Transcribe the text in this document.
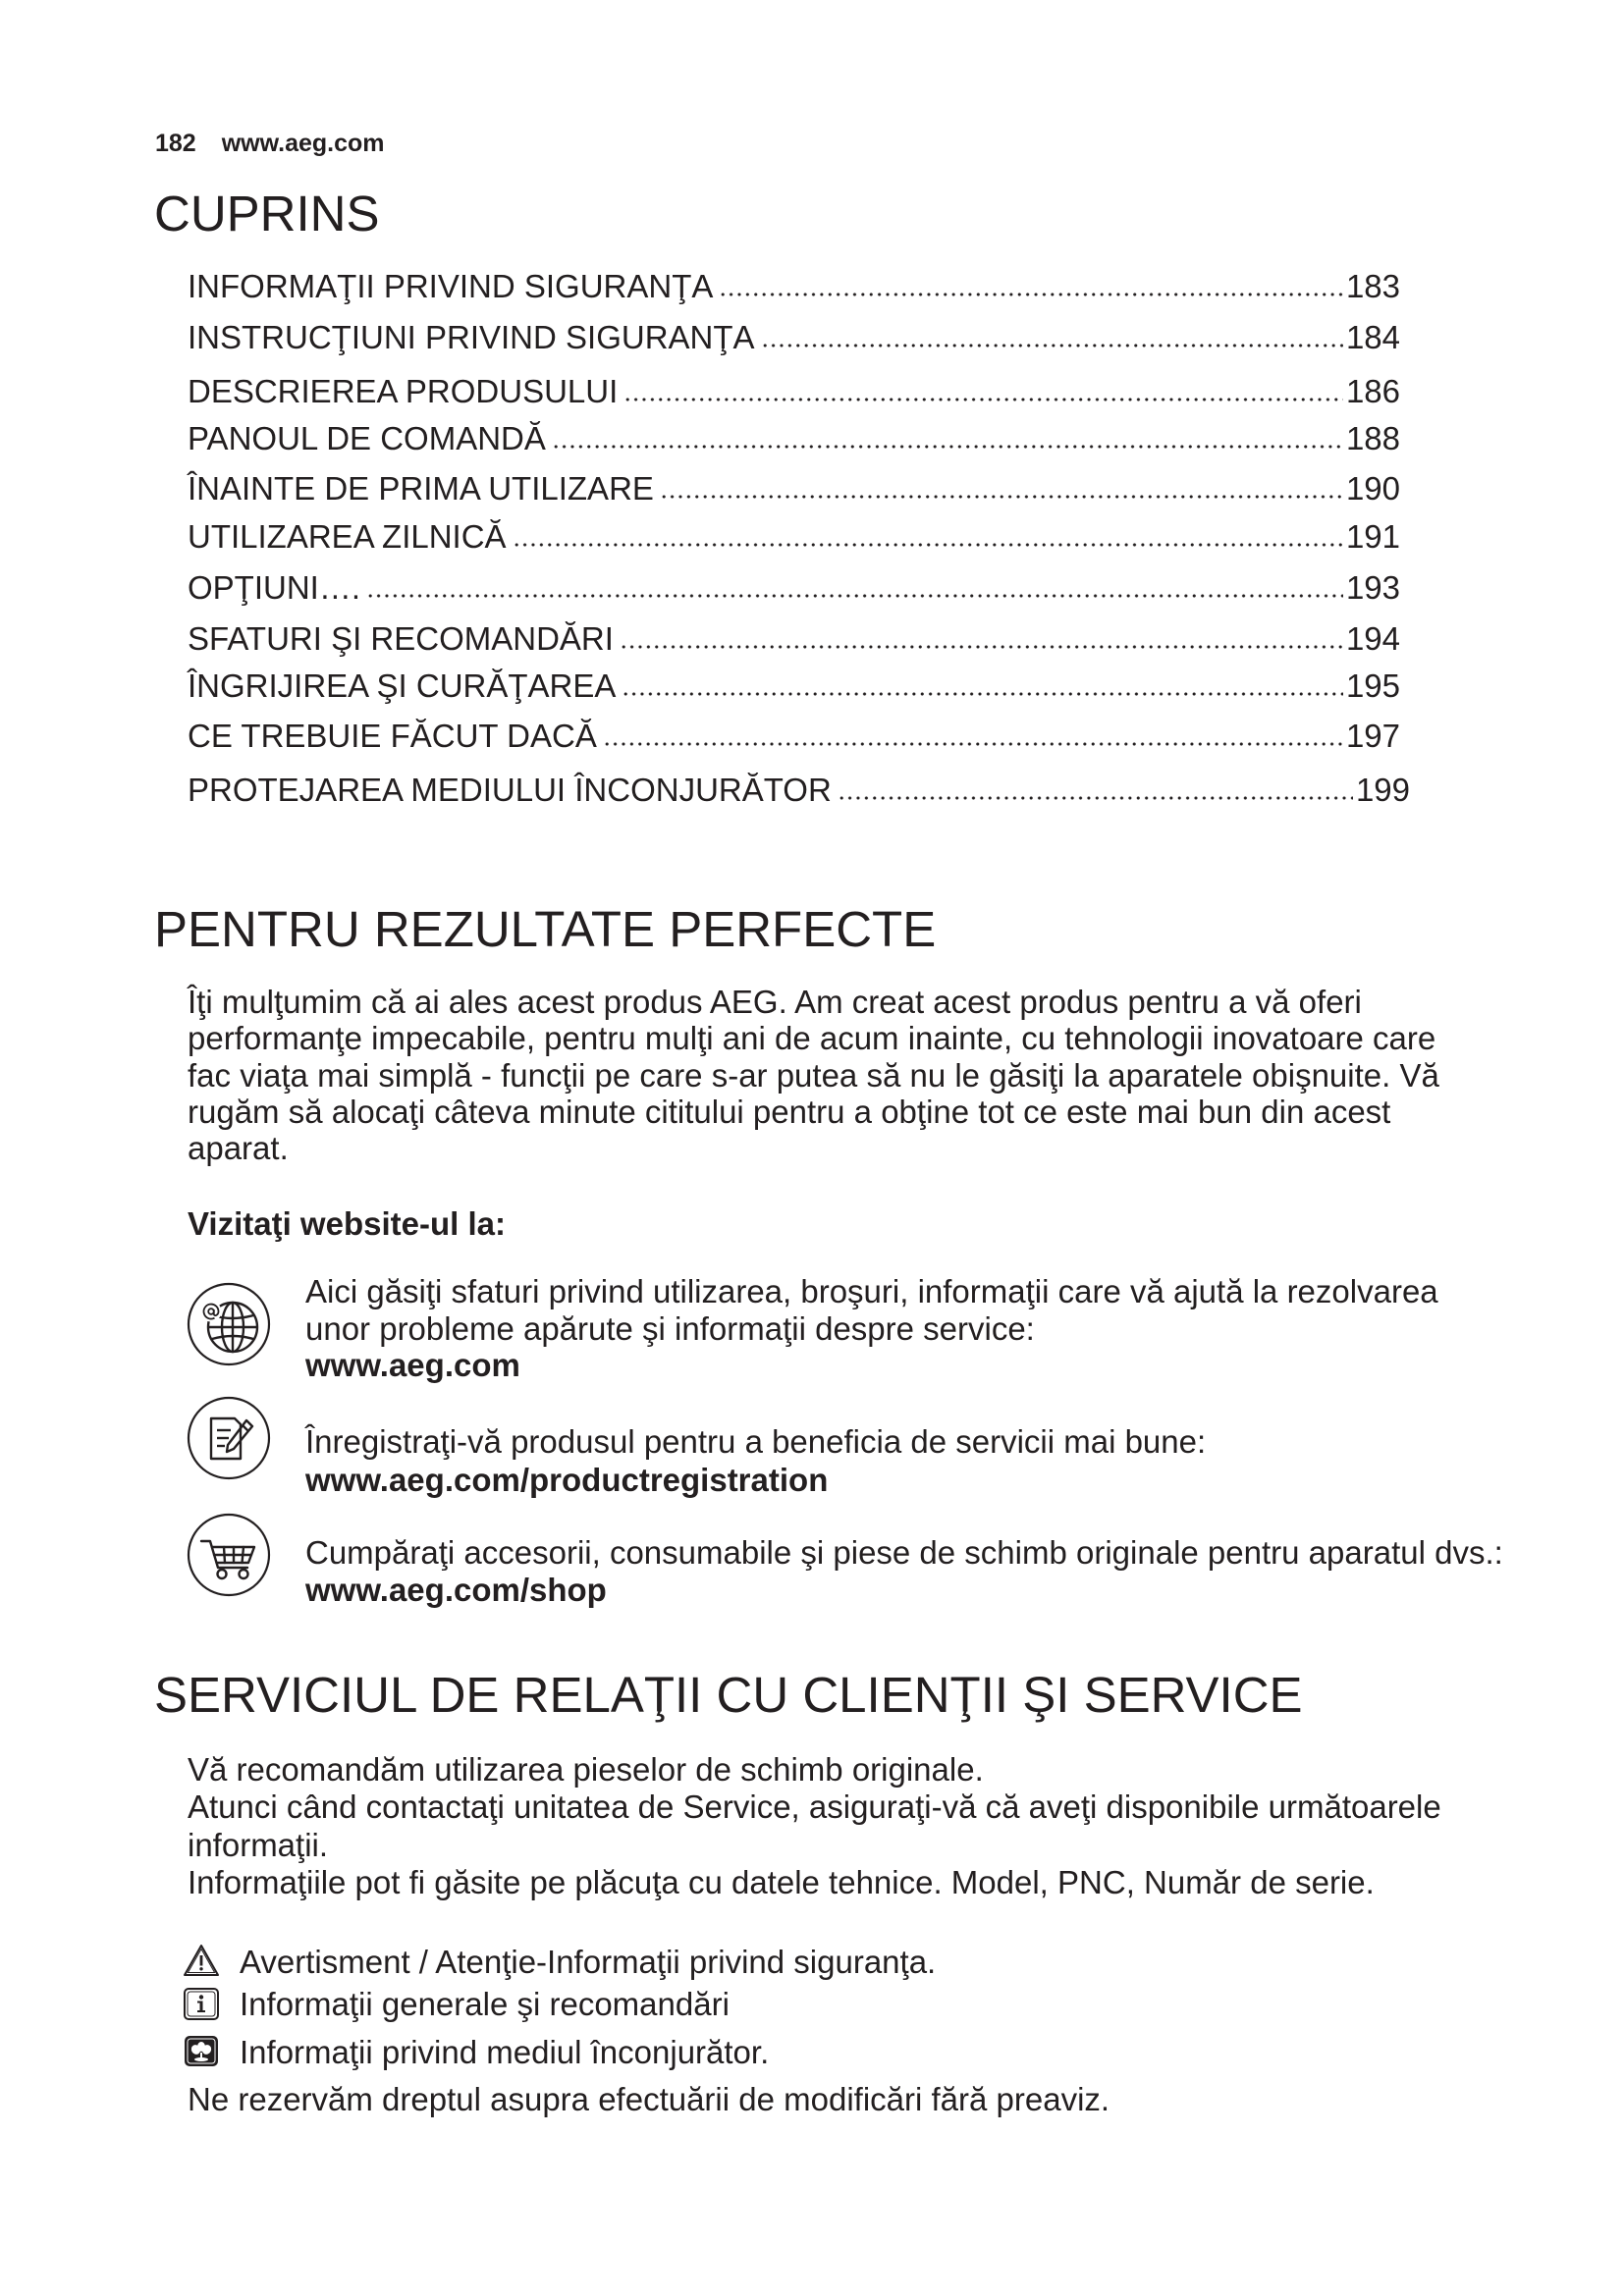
182 www.aeg.com
CUPRINS
INFORMAŢII PRIVIND SIGURANŢA	183
INSTRUCŢIUNI PRIVIND SIGURANŢA	184
DESCRIEREA PRODUSULUI	186
PANOUL DE COMANDĂ	188
ÎNAINTE DE PRIMA UTILIZARE	190
UTILIZAREA ZILNICĂ	191
OPŢIUNI….	193
SFATURI ŞI RECOMANDĂRI	194
ÎNGRIJIREA ŞI CURĂŢAREA	195
CE TREBUIE FĂCUT DACĂ	197
PROTEJAREA MEDIULUI ÎNCONJURĂTOR	199
PENTRU REZULTATE PERFECTE
Îţi mulţumim că ai ales acest produs AEG. Am creat acest produs pentru a vă oferi
performanţe impecabile, pentru mulţi ani de acum inainte, cu tehnologii inovatoare care
fac viaţa mai simplă - funcţii pe care s-ar putea să nu le găsiţi la aparatele obişnuite. Vă
rugăm să alocaţi câteva minute cititului pentru a obţine tot ce este mai bun din acest
aparat.
Vizitaţi website-ul la:
Aici găsiţi sfaturi privind utilizarea, broşuri, informaţii care vă ajută la rezolvarea
unor probleme apărute şi informaţii despre service:
www.aeg.com
Înregistraţi-vă produsul pentru a beneficia de servicii mai bune:
www.aeg.com/productregistration
Cumpăraţi accesorii, consumabile şi piese de schimb originale pentru aparatul dvs.:
www.aeg.com/shop
SERVICIUL DE RELAŢII CU CLIENŢII ŞI SERVICE
Vă recomandăm utilizarea pieselor de schimb originale.
Atunci când contactaţi unitatea de Service, asiguraţi-vă că aveţi disponibile următoarele
informaţii.
Informaţiile pot fi găsite pe plăcuţa cu datele tehnice. Model, PNC, Număr de serie.
Avertisment / Atenţie-Informaţii privind siguranţa.
Informaţii generale şi recomandări
Informaţii privind mediul înconjurător.
Ne rezervăm dreptul asupra efectuării de modificări fără preaviz.
